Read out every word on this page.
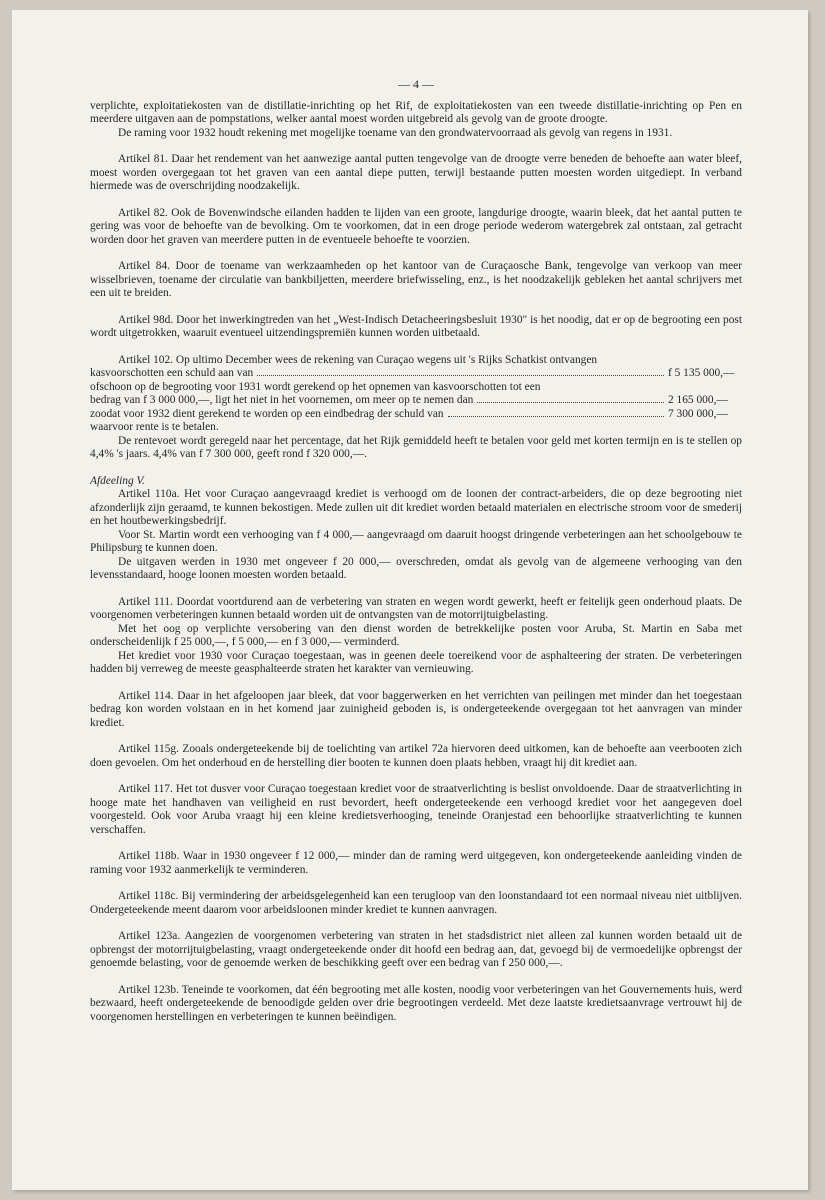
— 4 —

verplichte, exploitatiekosten van de distillatie-inrichting op het Rif, de exploitatiekosten van een tweede distillatie-inrichting op Pen en meerdere uitgaven aan de pompstations, welker aantal moest worden uitgebreid als gevolg van de groote droogte.

De raming voor 1932 houdt rekening met mogelijke toename van den grondwatervoorraad als gevolg van regens in 1931.

Artikel 81. Daar het rendement van het aanwezige aantal putten tengevolge van de droogte verre beneden de behoefte aan water bleef, moest worden overgegaan tot het graven van een aantal diepe putten, terwijl bestaande putten moesten worden uitgediept. In verband hiermede was de overschrijding noodzakelijk.

Artikel 82. Ook de Bovenwindsche eilanden hadden te lijden van een groote, langdurige droogte, waarin bleek, dat het aantal putten te gering was voor de behoefte van de bevolking. Om te voorkomen, dat in een droge periode wederom watergebrek zal ontstaan, zal getracht worden door het graven van meerdere putten in de eventueele behoefte te voorzien.

Artikel 84. Door de toename van werkzaamheden op het kantoor van de Curaçaosche Bank, tengevolge van verkoop van meer wisselbrieven, toename der circulatie van bankbiljetten, meerdere briefwisseling, enz., is het noodzakelijk gebleken het aantal schrijvers met een uit te breiden.

Artikel 98d. Door het inwerkingtreden van het „West-Indisch Detacheeringsbesluit 1930" is het noodig, dat er op de begrooting een post wordt uitgetrokken, waaruit eventueel uitzendingspremiën kunnen worden uitbetaald.

Artikel 102. Op ultimo December wees de rekening van Curaçao wegens uit 's Rijks Schatkist ontvangen

kasvoorschotten een schuld aan van	f 5 135 000,—

ofschoon op de begrooting voor 1931 wordt gerekend op het opnemen van kasvoorschotten tot een

bedrag van f 3 000 000,—, ligt het niet in het voornemen, om meer op te nemen dan	2 165 000,—
zoodat voor 1932 dient gerekend te worden op een eindbedrag der schuld van	7 300 000,—

waarvoor rente is te betalen.

De rentevoet wordt geregeld naar het percentage, dat het Rijk gemiddeld heeft te betalen voor geld met korten termijn en is te stellen op 4,4% 's jaars. 4,4% van f 7 300 000, geeft rond f 320 000,—.

Afdeeling V.

Artikel 110a. Het voor Curaçao aangevraagd krediet is verhoogd om de loonen der contract-arbeiders, die op deze begrooting niet afzonderlijk zijn geraamd, te kunnen bekostigen. Mede zullen uit dit krediet worden betaald materialen en electrische stroom voor de smederij en het houtbewerkingsbedrijf.

Voor St. Martin wordt een verhooging van f 4 000,— aangevraagd om daaruit hoogst dringende verbeteringen aan het schoolgebouw te Philipsburg te kunnen doen.

De uitgaven werden in 1930 met ongeveer f 20 000,— overschreden, omdat als gevolg van de algemeene verhooging van den levensstandaard, hooge loonen moesten worden betaald.

Artikel 111. Doordat voortdurend aan de verbetering van straten en wegen wordt gewerkt, heeft er feitelijk geen onderhoud plaats. De voorgenomen verbeteringen kunnen betaald worden uit de ontvangsten van de motorrijtuigbelasting.

Met het oog op verplichte versobering van den dienst worden de betrekkelijke posten voor Aruba, St. Martin en Saba met onderscheidenlijk f 25 000,—, f 5 000,— en f 3 000,— verminderd.

Het krediet voor 1930 voor Curaçao toegestaan, was in geenen deele toereikend voor de asphalteering der straten. De verbeteringen hadden bij verreweg de meeste geasphalteerde straten het karakter van vernieuwing.

Artikel 114. Daar in het afgeloopen jaar bleek, dat voor baggerwerken en het verrichten van peilingen met minder dan het toegestaan bedrag kon worden volstaan en in het komend jaar zuinigheid geboden is, is ondergeteekende overgegaan tot het aanvragen van minder krediet.

Artikel 115g. Zooals ondergeteekende bij de toelichting van artikel 72a hiervoren deed uitkomen, kan de behoefte aan veerbooten zich doen gevoelen. Om het onderhoud en de herstelling dier booten te kunnen doen plaats hebben, vraagt hij dit krediet aan.

Artikel 117. Het tot dusver voor Curaçao toegestaan krediet voor de straatverlichting is beslist onvoldoende. Daar de straatverlichting in hooge mate het handhaven van veiligheid en rust bevordert, heeft ondergeteekende een verhoogd krediet voor het aangegeven doel voorgesteld. Ook voor Aruba vraagt hij een kleine kredietsverhooging, teneinde Oranjestad een behoorlijke straatverlichting te kunnen verschaffen.

Artikel 118b. Waar in 1930 ongeveer f 12 000,— minder dan de raming werd uitgegeven, kon ondergeteekende aanleiding vinden de raming voor 1932 aanmerkelijk te verminderen.

Artikel 118c. Bij vermindering der arbeidsgelegenheid kan een terugloop van den loonstandaard tot een normaal niveau niet uitblijven. Ondergeteekende meent daarom voor arbeidsloonen minder krediet te kunnen aanvragen.

Artikel 123a. Aangezien de voorgenomen verbetering van straten in het stadsdistrict niet alleen zal kunnen worden betaald uit de opbrengst der motorrijtuigbelasting, vraagt ondergeteekende onder dit hoofd een bedrag aan, dat, gevoegd bij de vermoedelijke opbrengst der genoemde belasting, voor de genoemde werken de beschikking geeft over een bedrag van f 250 000,—.

Artikel 123b. Teneinde te voorkomen, dat één begrooting met alle kosten, noodig voor verbeteringen van het Gouvernements huis, werd bezwaard, heeft ondergeteekende de benoodigde gelden over drie begrootingen verdeeld. Met deze laatste kredietsaanvrage vertrouwt hij de voorgenomen herstellingen en verbeteringen te kunnen beëindigen.
